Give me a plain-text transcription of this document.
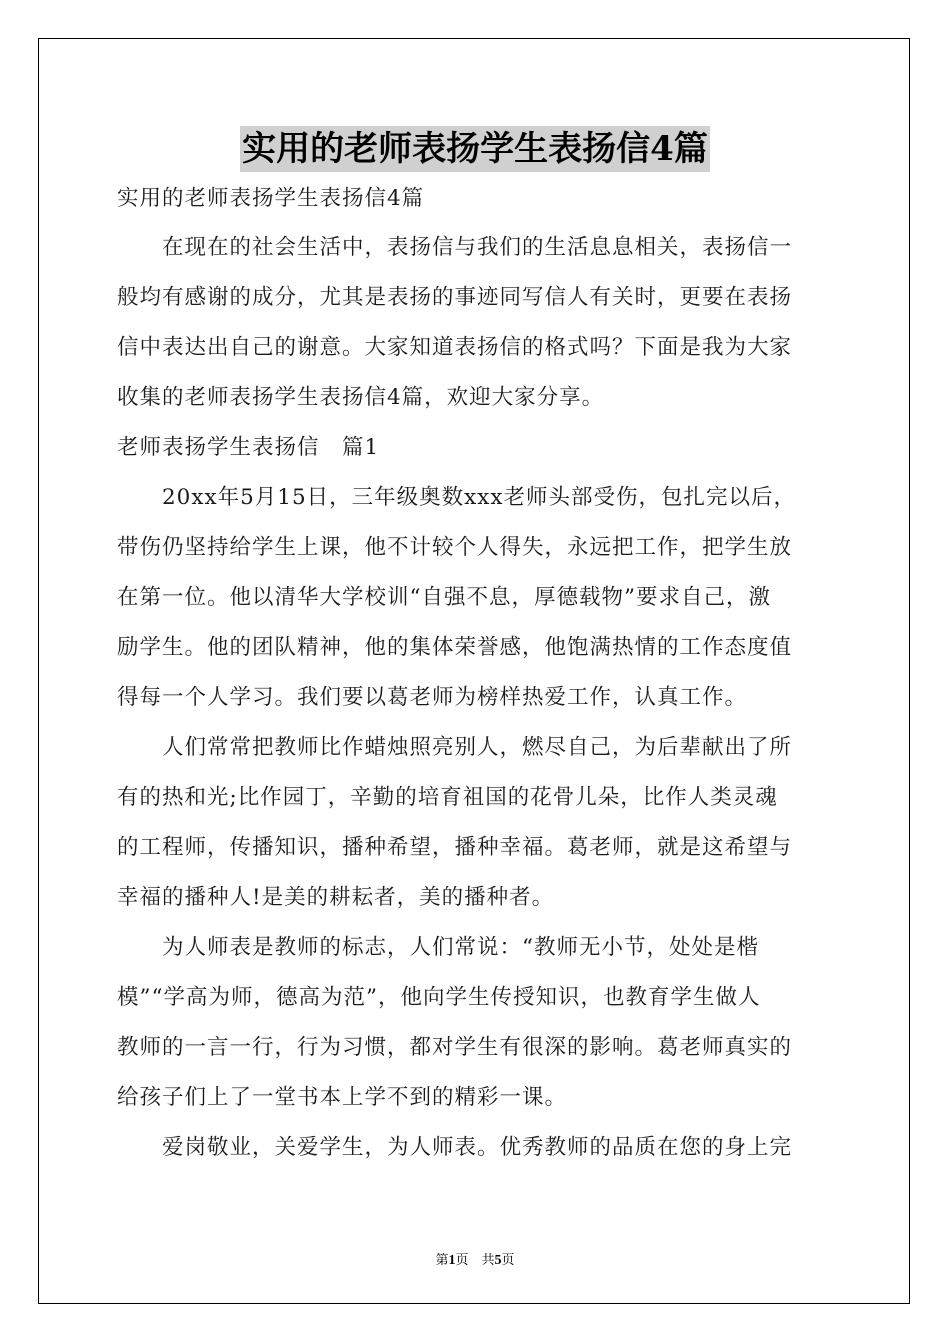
实用的老师表扬学生表扬信4篇
实用的老师表扬学生表扬信4篇
　　在现在的社会生活中，表扬信与我们的生活息息相关，表扬信一
般均有感谢的成分，尤其是表扬的事迹同写信人有关时，更要在表扬
信中表达出自己的谢意。大家知道表扬信的格式吗？下面是我为大家
收集的老师表扬学生表扬信4篇，欢迎大家分享。
老师表扬学生表扬信　篇1
　　20xx年5月15日，三年级奥数xxx老师头部受伤，包扎完以后，
带伤仍坚持给学生上课，他不计较个人得失，永远把工作，把学生放
在第一位。他以清华大学校训“自强不息，厚德载物”要求自己，激
励学生。他的团队精神，他的集体荣誉感，他饱满热情的工作态度值
得每一个人学习。我们要以葛老师为榜样热爱工作，认真工作。
　　人们常常把教师比作蜡烛照亮别人，燃尽自己，为后辈献出了所
有的热和光;比作园丁，辛勤的培育祖国的花骨儿朵，比作人类灵魂
的工程师，传播知识，播种希望，播种幸福。葛老师，就是这希望与
幸福的播种人!是美的耕耘者，美的播种者。
　　为人师表是教师的标志，人们常说：“教师无小节，处处是楷
模”“学高为师，德高为范”，他向学生传授知识，也教育学生做人
教师的一言一行，行为习惯，都对学生有很深的影响。葛老师真实的
给孩子们上了一堂书本上学不到的精彩一课。
　　爱岗敬业，关爱学生，为人师表。优秀教师的品质在您的身上完
第1页　共5页
